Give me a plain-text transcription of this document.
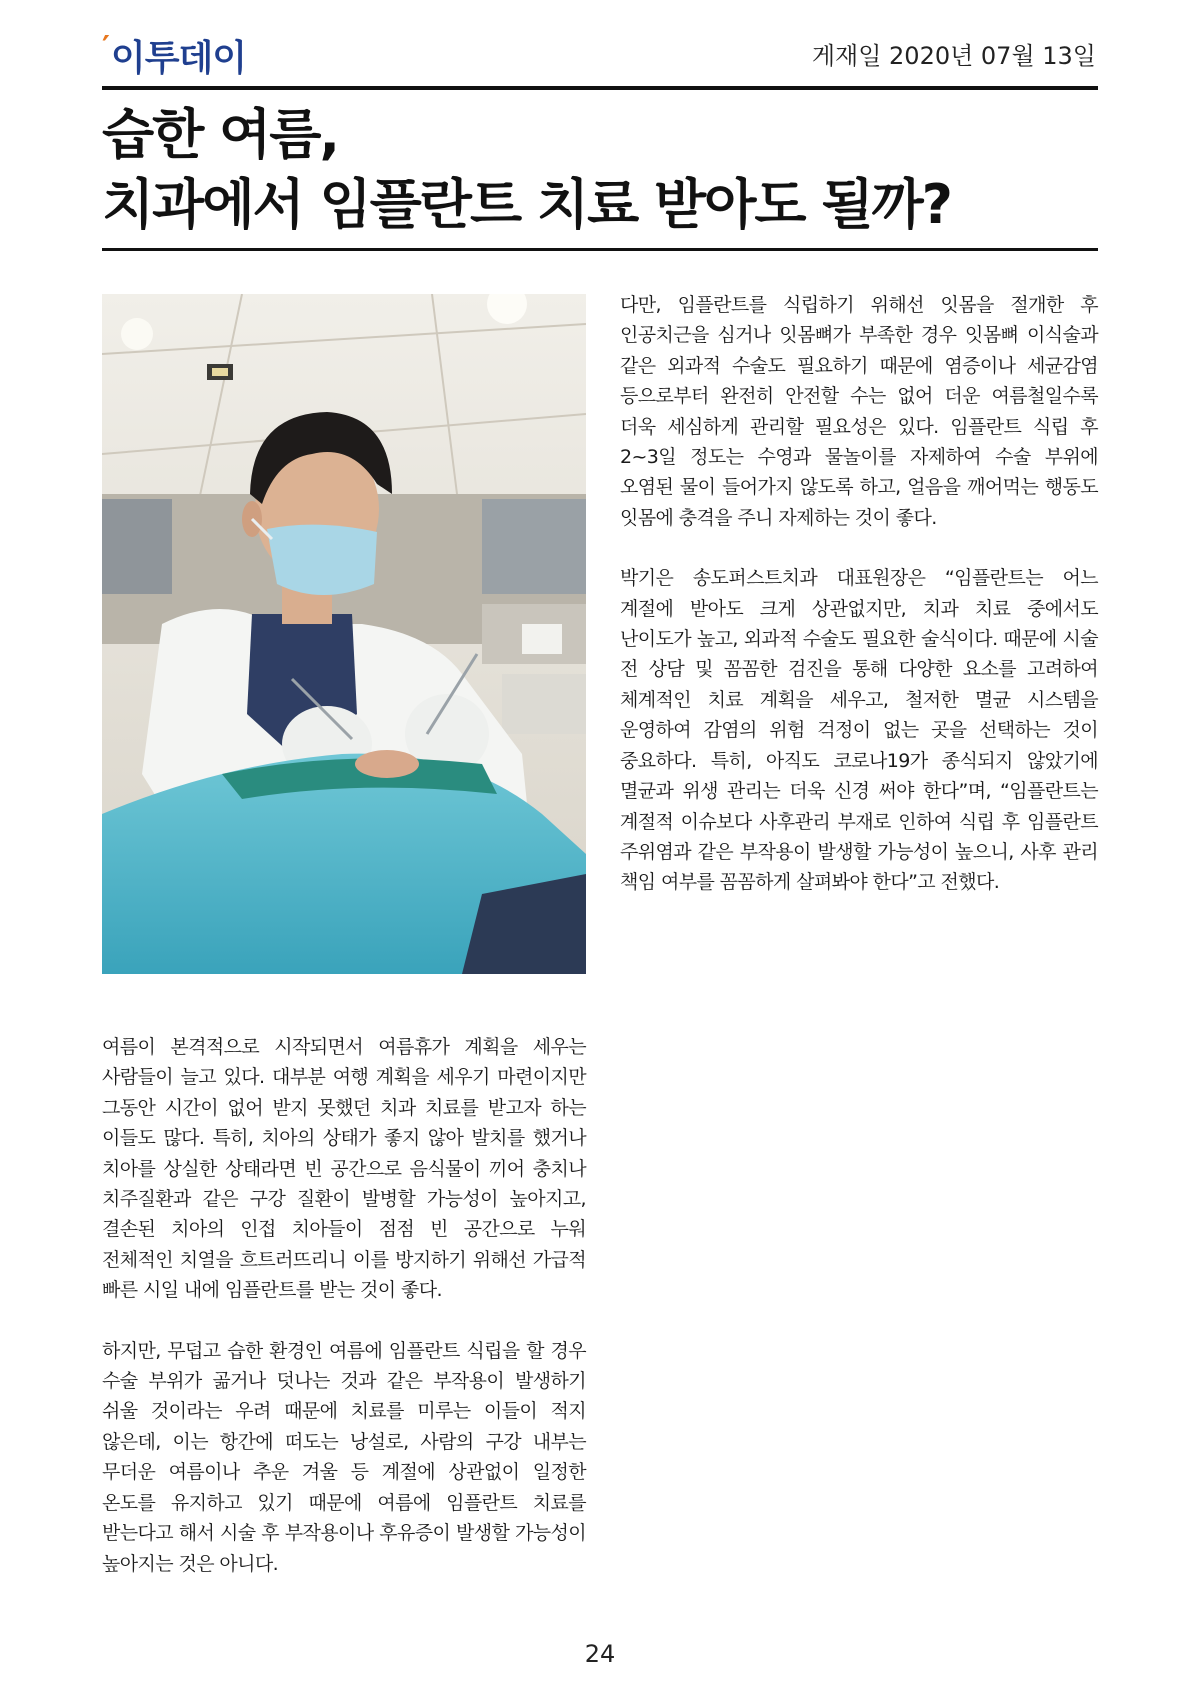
′이투데이	게재일 2020년 07월 13일
습한 여름,
치과에서 임플란트 치료 받아도 될까?

여름이 본격적으로 시작되면서 여름휴가 계획을 세우는 사람들이 늘고 있다. 대부분 여행 계획을 세우기 마련이지만 그동안 시간이 없어 받지 못했던 치과 치료를 받고자 하는 이들도 많다. 특히, 치아의 상태가 좋지 않아 발치를 했거나 치아를 상실한 상태라면 빈 공간으로 음식물이 끼어 충치나 치주질환과 같은 구강 질환이 발병할 가능성이 높아지고, 결손된 치아의 인접 치아들이 점점 빈 공간으로 누워 전체적인 치열을 흐트러뜨리니 이를 방지하기 위해선 가급적 빠른 시일 내에 임플란트를 받는 것이 좋다.

하지만, 무덥고 습한 환경인 여름에 임플란트 식립을 할 경우 수술 부위가 곪거나 덧나는 것과 같은 부작용이 발생하기 쉬울 것이라는 우려 때문에 치료를 미루는 이들이 적지 않은데, 이는 항간에 떠도는 낭설로, 사람의 구강 내부는 무더운 여름이나 추운 겨울 등 계절에 상관없이 일정한 온도를 유지하고 있기 때문에 여름에 임플란트 치료를 받는다고 해서 시술 후 부작용이나 후유증이 발생할 가능성이 높아지는 것은 아니다.

다만, 임플란트를 식립하기 위해선 잇몸을 절개한 후 인공치근을 심거나 잇몸뼈가 부족한 경우 잇몸뼈 이식술과 같은 외과적 수술도 필요하기 때문에 염증이나 세균감염 등으로부터 완전히 안전할 수는 없어 더운 여름철일수록 더욱 세심하게 관리할 필요성은 있다. 임플란트 식립 후 2~3일 정도는 수영과 물놀이를 자제하여 수술 부위에 오염된 물이 들어가지 않도록 하고, 얼음을 깨어먹는 행동도 잇몸에 충격을 주니 자제하는 것이 좋다.

박기은 송도퍼스트치과 대표원장은 “임플란트는 어느 계절에 받아도 크게 상관없지만, 치과 치료 중에서도 난이도가 높고, 외과적 수술도 필요한 술식이다. 때문에 시술 전 상담 및 꼼꼼한 검진을 통해 다양한 요소를 고려하여 체계적인 치료 계획을 세우고, 철저한 멸균 시스템을 운영하여 감염의 위험 걱정이 없는 곳을 선택하는 것이 중요하다. 특히, 아직도 코로나19가 종식되지 않았기에 멸균과 위생 관리는 더욱 신경 써야 한다”며, “임플란트는 계절적 이슈보다 사후관리 부재로 인하여 식립 후 임플란트 주위염과 같은 부작용이 발생할 가능성이 높으니, 사후 관리 책임 여부를 꼼꼼하게 살펴봐야 한다”고 전했다.

24
